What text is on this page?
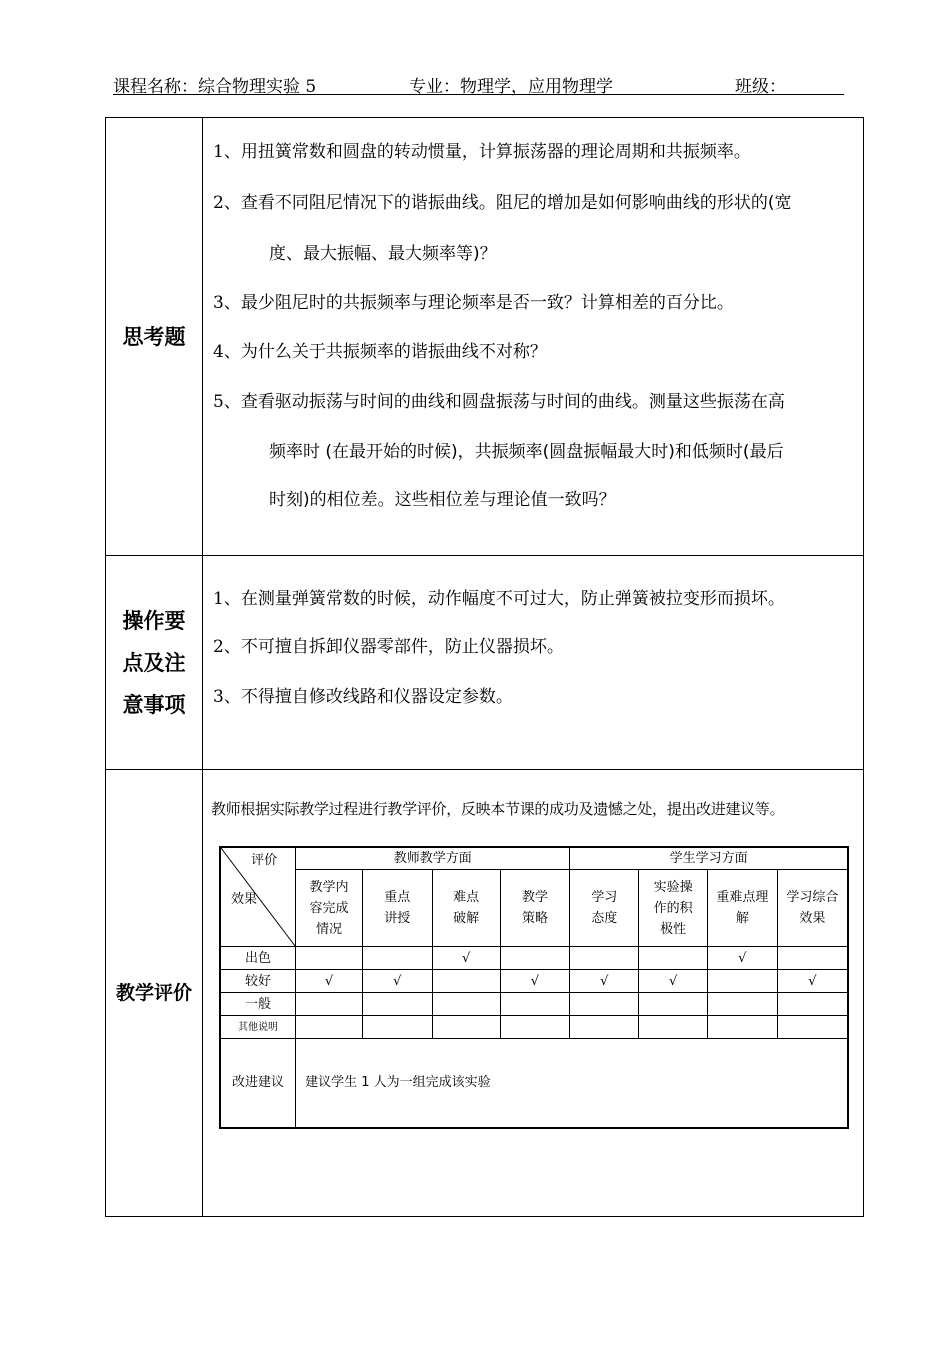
课程名称：综合物理实验 5	专业：物理学，应用物理学	班级：
思考题
1、用扭簧常数和圆盘的转动惯量，计算振荡器的理论周期和共振频率。
2、查看不同阻尼情况下的谐振曲线。阻尼的增加是如何影响曲线的形状的(宽
度、最大振幅、最大频率等)？
3、最少阻尼时的共振频率与理论频率是否一致？计算相差的百分比。
4、为什么关于共振频率的谐振曲线不对称？
5、查看驱动振荡与时间的曲线和圆盘振荡与时间的曲线。测量这些振荡在高
频率时 (在最开始的时候)，共振频率(圆盘振幅最大时)和低频时(最后
时刻)的相位差。这些相位差与理论值一致吗？
操作要点及注意事项
1、在测量弹簧常数的时候，动作幅度不可过大，防止弹簧被拉变形而损坏。
2、不可擅自拆卸仪器零部件，防止仪器损坏。
3、不得擅自修改线路和仪器设定参数。
教学评价
教师根据实际教学过程进行教学评价，反映本节课的成功及遗憾之处，提出改进建议等。
评价
效果	教师教学方面				学生学习方面			
	教学内容完成情况	重点讲授	难点破解	教学策略	学习态度	实验操作的积极性	重难点理解	学习综合效果
出色			√				√	
较好	√	√		√	√	√		√
一般								
其他说明								
改进建议	建议学生 1 人为一组完成该实验							
